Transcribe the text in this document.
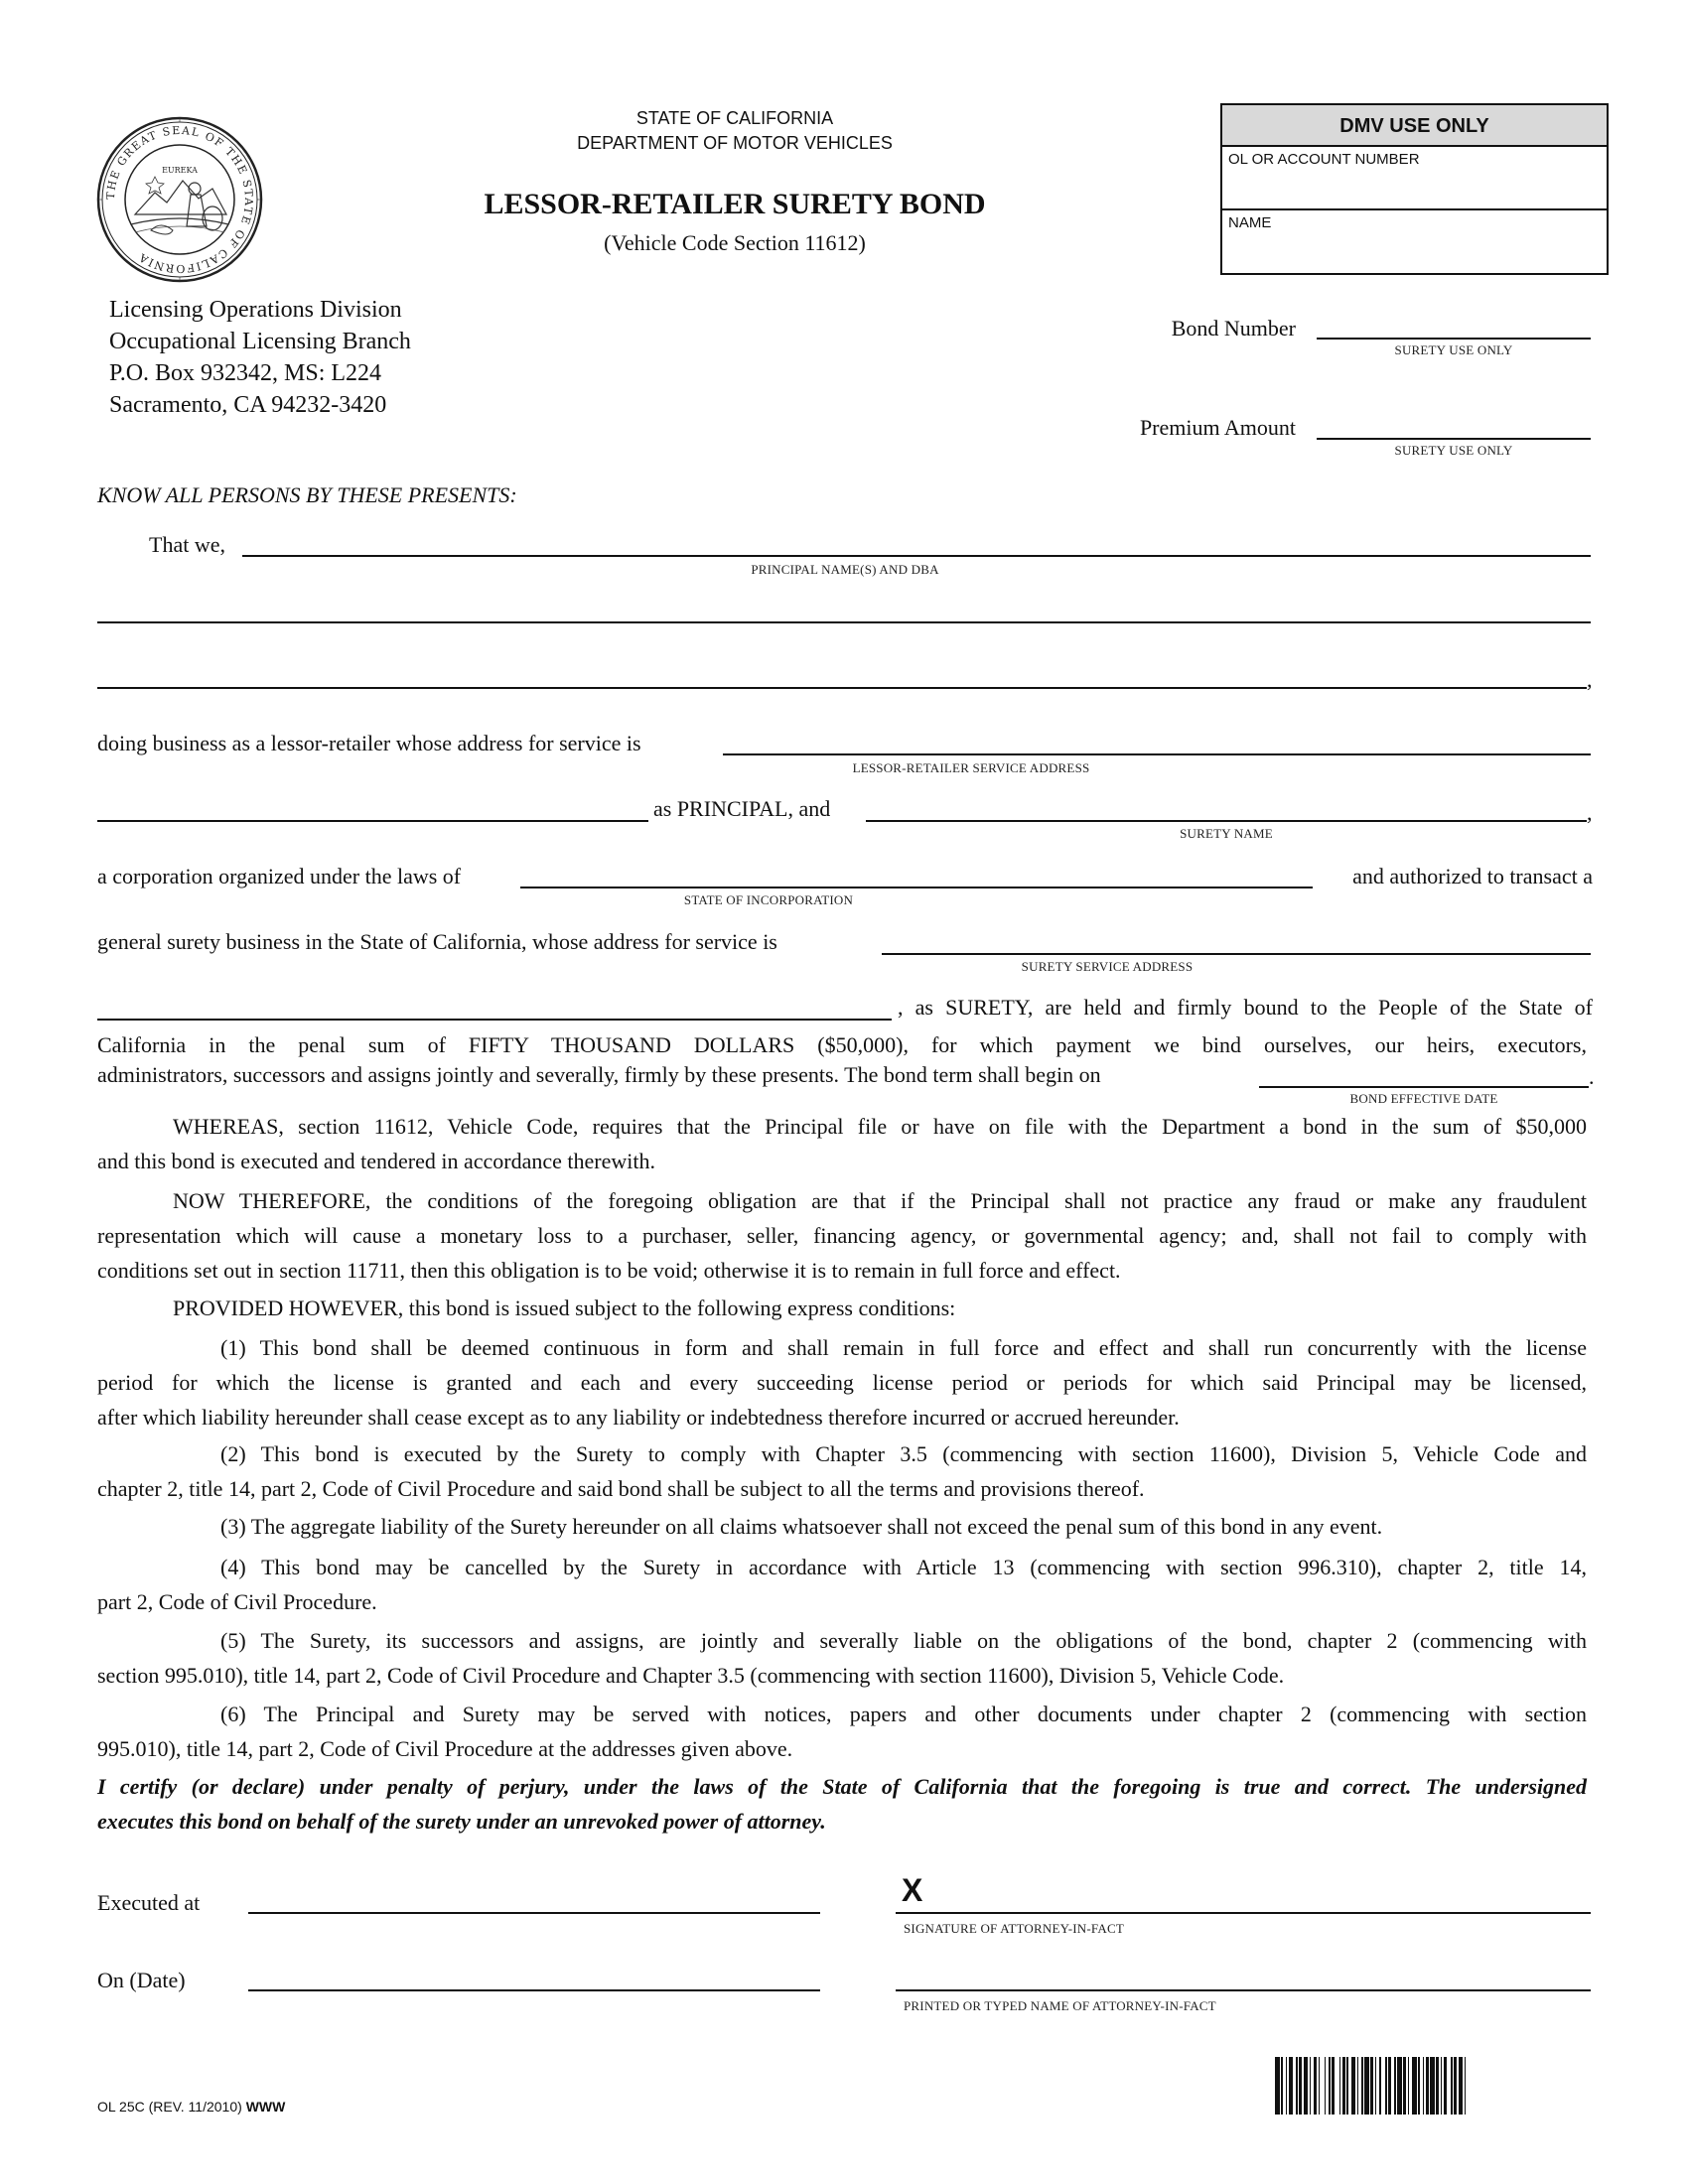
THE GREAT SEAL OF THE STATE OF CALIFORNIA
EUREKA
STATE OF CALIFORNIA
DEPARTMENT OF MOTOR VEHICLES
LESSOR-RETAILER SURETY BOND
(Vehicle Code Section 11612)
DMV USE ONLY
OL OR ACCOUNT NUMBER
NAME
Licensing Operations Division
Occupational Licensing Branch
P.O. Box 932342, MS: L224
Sacramento, CA 94232-3420
Bond Number
SURETY USE ONLY
Premium Amount
SURETY USE ONLY
KNOW ALL PERSONS BY THESE PRESENTS:
That we,
PRINCIPAL NAME(S) AND DBA
,
doing business as a lessor-retailer whose address for service is
LESSOR-RETAILER SERVICE ADDRESS
as PRINCIPAL, and	,
SURETY NAME
a corporation organized under the laws of
STATE OF INCORPORATION
and authorized to transact a
general surety business in the State of California, whose address for service is
SURETY SERVICE ADDRESS
, as SURETY, are held and firmly bound to the People of the State of
California in the penal sum of FIFTY THOUSAND DOLLARS ($50,000), for which payment we bind ourselves, our heirs, executors,
administrators, successors and assigns jointly and severally, firmly by these presents. The bond term shall begin on	.
BOND EFFECTIVE DATE
WHEREAS, section 11612, Vehicle Code, requires that the Principal file or have on file with the Department a bond in the sum of $50,000
and this bond is executed and tendered in accordance therewith.
NOW THEREFORE, the conditions of the foregoing obligation are that if the Principal shall not practice any fraud or make any fraudulent
representation which will cause a monetary loss to a purchaser, seller, financing agency, or governmental agency; and, shall not fail to comply with
conditions set out in section 11711, then this obligation is to be void; otherwise it is to remain in full force and effect.
PROVIDED HOWEVER, this bond is issued subject to the following express conditions:
(1) This bond shall be deemed continuous in form and shall remain in full force and effect and shall run concurrently with the license
period for which the license is granted and each and every succeeding license period or periods for which said Principal may be licensed,
after which liability hereunder shall cease except as to any liability or indebtedness therefore incurred or accrued hereunder.
(2) This bond is executed by the Surety to comply with Chapter 3.5 (commencing with section 11600), Division 5, Vehicle Code and
chapter 2, title 14, part 2, Code of Civil Procedure and said bond shall be subject to all the terms and provisions thereof.
(3) The aggregate liability of the Surety hereunder on all claims whatsoever shall not exceed the penal sum of this bond in any event.
(4) This bond may be cancelled by the Surety in accordance with Article 13 (commencing with section 996.310), chapter 2, title 14,
part 2, Code of Civil Procedure.
(5) The Surety, its successors and assigns, are jointly and severally liable on the obligations of the bond, chapter 2 (commencing with
section 995.010), title 14, part 2, Code of Civil Procedure and Chapter 3.5 (commencing with section 11600), Division 5, Vehicle Code.
(6) The Principal and Surety may be served with notices, papers and other documents under chapter 2 (commencing with section
995.010), title 14, part 2, Code of Civil Procedure at the addresses given above.
I certify (or declare) under penalty of perjury, under the laws of the State of California that the foregoing is true and correct. The undersigned
executes this bond on behalf of the surety under an unrevoked power of attorney.
Executed at
On (Date)
X
SIGNATURE OF ATTORNEY-IN-FACT
PRINTED OR TYPED NAME OF ATTORNEY-IN-FACT
OL 25C (REV. 11/2010) WWW
